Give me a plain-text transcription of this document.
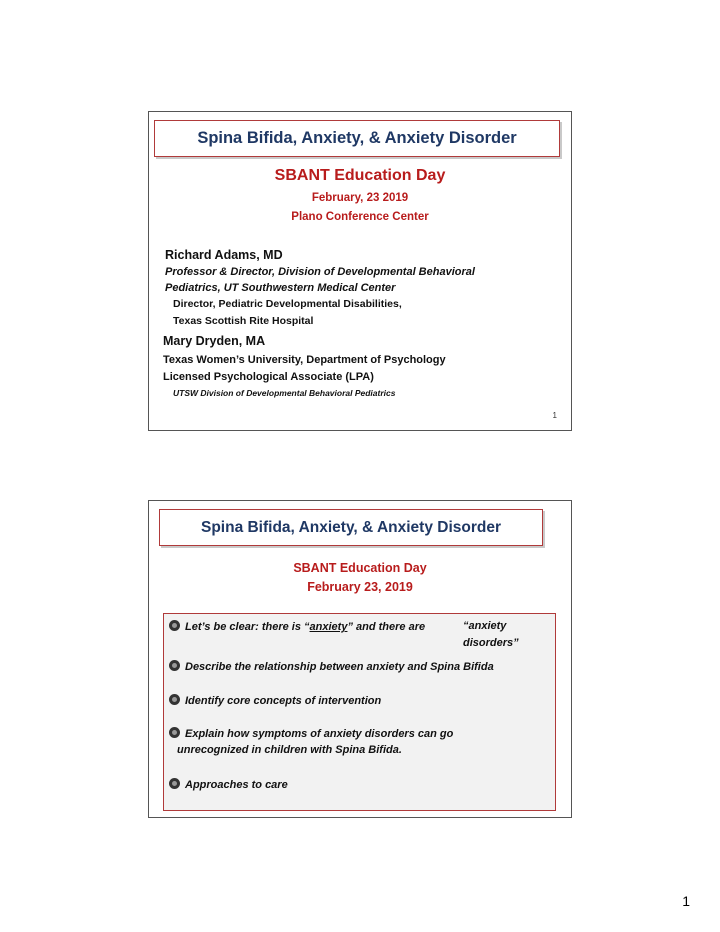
Spina Bifida, Anxiety, & Anxiety Disorder
SBANT Education Day
February, 23 2019
Plano Conference Center
Richard Adams, MD
Professor & Director, Division of Developmental Behavioral
Pediatrics, UT Southwestern Medical Center
Director, Pediatric Developmental Disabilities,
Texas Scottish Rite Hospital
Mary Dryden, MA
Texas Women’s University, Department of Psychology
Licensed Psychological Associate (LPA)
UTSW Division of Developmental Behavioral Pediatrics
1
Spina Bifida, Anxiety, & Anxiety Disorder
SBANT Education Day
February 23, 2019
Let’s be clear: there is “anxiety” and there are	“anxiety
disorders”
Describe the relationship between anxiety and Spina Bifida
Identify core concepts of intervention
Explain how symptoms of anxiety disorders can go
unrecognized in children with Spina Bifida.
Approaches to care
1
